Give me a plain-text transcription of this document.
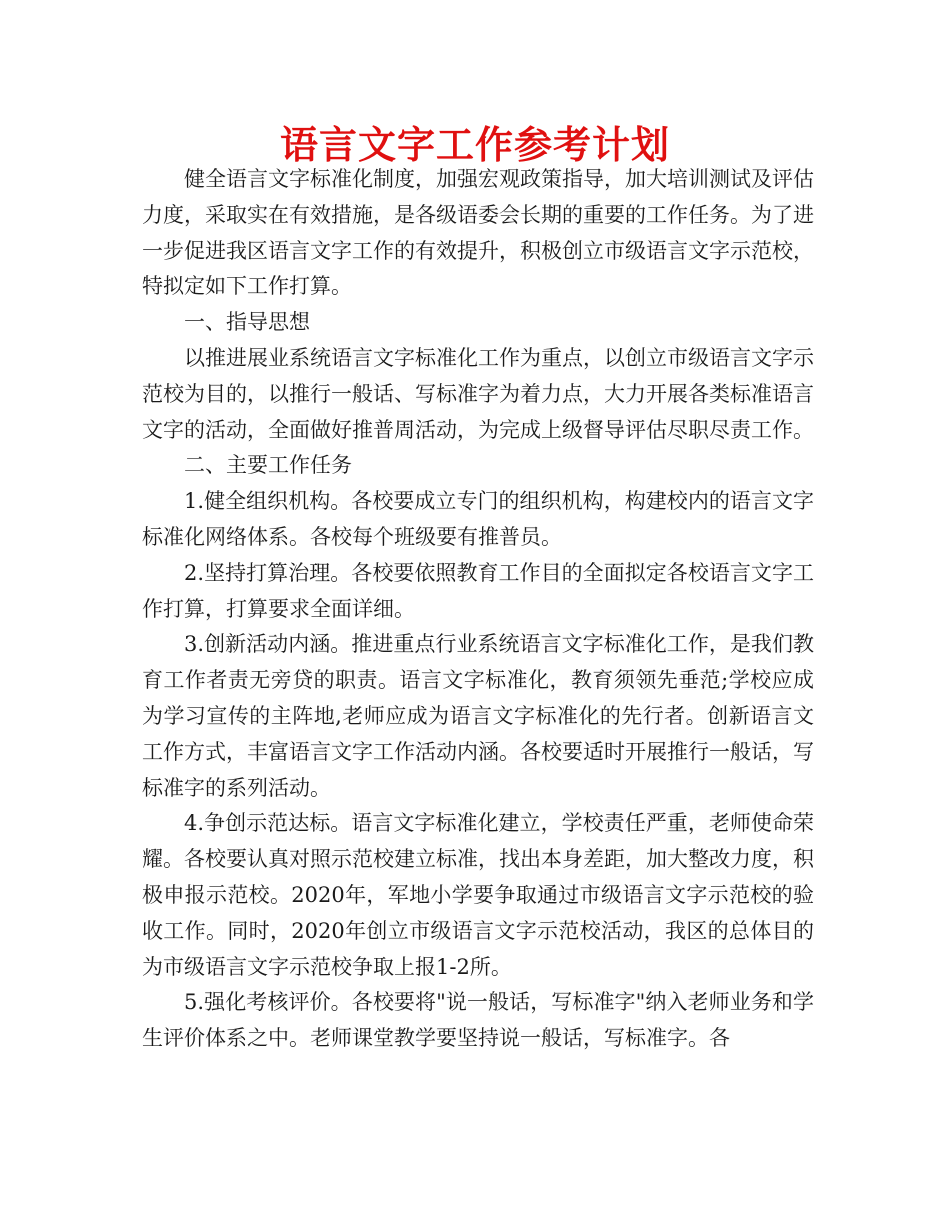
语言文字工作参考计划

健全语言文字标准化制度，加强宏观政策指导，加大培训测试及评估力度，采取实在有效措施，是各级语委会长期的重要的工作任务。为了进一步促进我区语言文字工作的有效提升，积极创立市级语言文字示范校，特拟定如下工作打算。

一、指导思想

以推进展业系统语言文字标准化工作为重点，以创立市级语言文字示范校为目的，以推行一般话、写标准字为着力点，大力开展各类标准语言文字的活动，全面做好推普周活动，为完成上级督导评估尽职尽责工作。

二、主要工作任务

1.健全组织机构。各校要成立专门的组织机构，构建校内的语言文字标准化网络体系。各校每个班级要有推普员。

2.坚持打算治理。各校要依照教育工作目的全面拟定各校语言文字工作打算，打算要求全面详细。

3.创新活动内涵。推进重点行业系统语言文字标准化工作，是我们教育工作者责无旁贷的职责。语言文字标准化，教育须领先垂范;学校应成为学习宣传的主阵地,老师应成为语言文字标准化的先行者。创新语言文工作方式，丰富语言文字工作活动内涵。各校要适时开展推行一般话，写标准字的系列活动。

4.争创示范达标。语言文字标准化建立，学校责任严重，老师使命荣耀。各校要认真对照示范校建立标准，找出本身差距，加大整改力度，积极申报示范校。2020年，军地小学要争取通过市级语言文字示范校的验收工作。同时，2020年创立市级语言文字示范校活动，我区的总体目的为市级语言文字示范校争取上报1-2所。

5.强化考核评价。各校要将"说一般话，写标准字"纳入老师业务和学生评价体系之中。老师课堂教学要坚持说一般话，写标准字。各
